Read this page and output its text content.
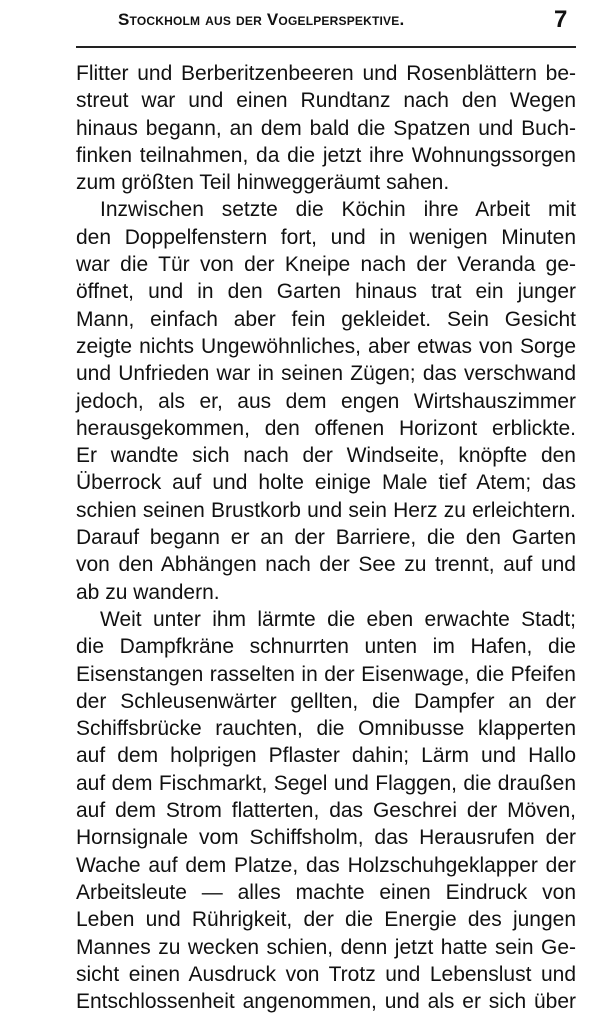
Stockholm aus der Vogelperspektive.	7
Flitter und Berberitzenbeeren und Rosenblättern be-
streut war und einen Rundtanz nach den Wegen
hinaus begann, an dem bald die Spatzen und Buch-
finken teilnahmen, da die jetzt ihre Wohnungssorgen
zum größten Teil hinweggeräumt sahen.
Inzwischen setzte die Köchin ihre Arbeit mit
den Doppelfenstern fort, und in wenigen Minuten
war die Tür von der Kneipe nach der Veranda ge-
öffnet, und in den Garten hinaus trat ein junger
Mann, einfach aber fein gekleidet. Sein Gesicht
zeigte nichts Ungewöhnliches, aber etwas von Sorge
und Unfrieden war in seinen Zügen; das verschwand
jedoch, als er, aus dem engen Wirtshauszimmer
herausgekommen, den offenen Horizont erblickte.
Er wandte sich nach der Windseite, knöpfte den
Überrock auf und holte einige Male tief Atem; das
schien seinen Brustkorb und sein Herz zu erleichtern.
Darauf begann er an der Barriere, die den Garten
von den Abhängen nach der See zu trennt, auf und
ab zu wandern.
Weit unter ihm lärmte die eben erwachte Stadt;
die Dampfkräne schnurrten unten im Hafen, die
Eisenstangen rasselten in der Eisenwage, die Pfeifen
der Schleusenwärter gellten, die Dampfer an der
Schiffsbrücke rauchten, die Omnibusse klapperten
auf dem holprigen Pflaster dahin; Lärm und Hallo
auf dem Fischmarkt, Segel und Flaggen, die draußen
auf dem Strom flatterten, das Geschrei der Möven,
Hornsignale vom Schiffsholm, das Herausrufen der
Wache auf dem Platze, das Holzschuhgeklapper der
Arbeitsleute — alles machte einen Eindruck von
Leben und Rührigkeit, der die Energie des jungen
Mannes zu wecken schien, denn jetzt hatte sein Ge-
sicht einen Ausdruck von Trotz und Lebenslust und
Entschlossenheit angenommen, und als er sich über
